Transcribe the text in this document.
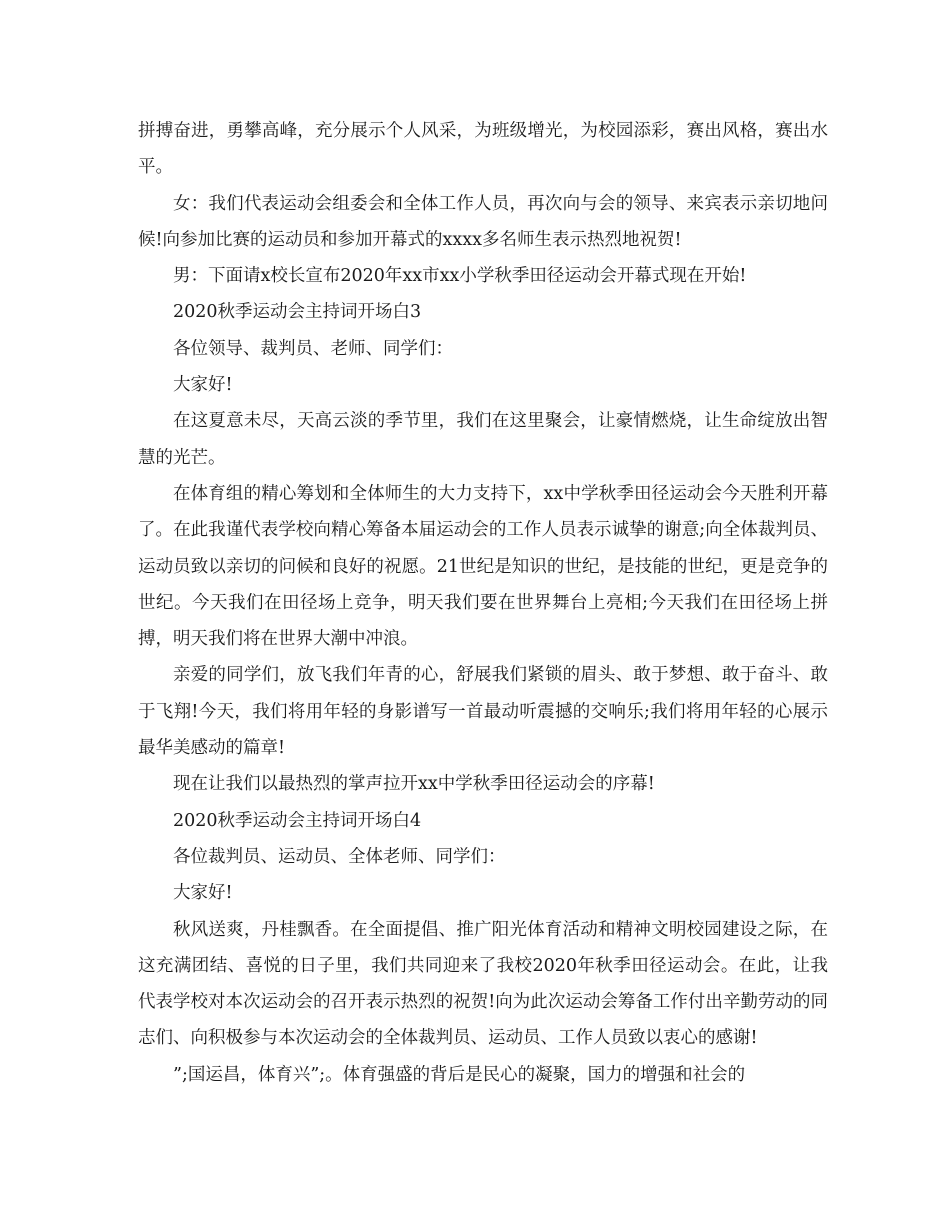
拼搏奋进，勇攀高峰，充分展示个人风采，为班级增光，为校园添彩，赛出风格，赛出水平。

女：我们代表运动会组委会和全体工作人员，再次向与会的领导、来宾表示亲切地问候!向参加比赛的运动员和参加开幕式的xxxx多名师生表示热烈地祝贺!

男：下面请x校长宣布2020年xx市xx小学秋季田径运动会开幕式现在开始!

2020秋季运动会主持词开场白3

各位领导、裁判员、老师、同学们：

大家好!

在这夏意未尽，天高云淡的季节里，我们在这里聚会，让豪情燃烧，让生命绽放出智慧的光芒。

在体育组的精心筹划和全体师生的大力支持下，xx中学秋季田径运动会今天胜利开幕了。在此我谨代表学校向精心筹备本届运动会的工作人员表示诚挚的谢意;向全体裁判员、运动员致以亲切的问候和良好的祝愿。21世纪是知识的世纪，是技能的世纪，更是竞争的世纪。今天我们在田径场上竞争，明天我们要在世界舞台上亮相;今天我们在田径场上拼搏，明天我们将在世界大潮中冲浪。

亲爱的同学们，放飞我们年青的心，舒展我们紧锁的眉头、敢于梦想、敢于奋斗、敢于飞翔!今天，我们将用年轻的身影谱写一首最动听震撼的交响乐;我们将用年轻的心展示最华美感动的篇章!

现在让我们以最热烈的掌声拉开xx中学秋季田径运动会的序幕!

2020秋季运动会主持词开场白4

各位裁判员、运动员、全体老师、同学们：

大家好!

秋风送爽，丹桂飘香。在全面提倡、推广阳光体育活动和精神文明校园建设之际，在这充满团结、喜悦的日子里，我们共同迎来了我校2020年秋季田径运动会。在此，让我代表学校对本次运动会的召开表示热烈的祝贺!向为此次运动会筹备工作付出辛勤劳动的同志们、向积极参与本次运动会的全体裁判员、运动员、工作人员致以衷心的感谢!

”;国运昌，体育兴”;。体育强盛的背后是民心的凝聚，国力的增强和社会的
